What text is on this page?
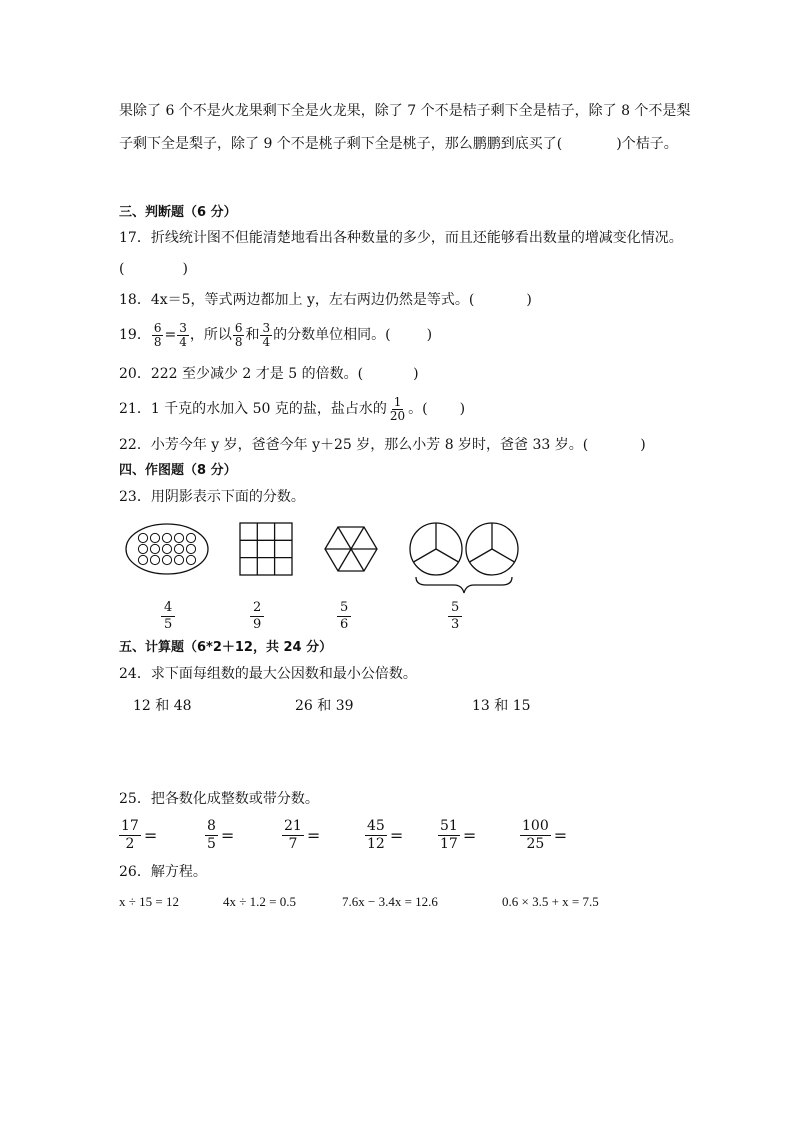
果除了 6 个不是火龙果剩下全是火龙果，除了 7 个不是桔子剩下全是桔子，除了 8 个不是梨
子剩下全是梨子，除了 9 个不是桃子剩下全是桃子，那么鹏鹏到底买了(	)个桔子。
三、判断题（6 分）
17．折线统计图不但能清楚地看出各种数量的多少，而且还能够看出数量的增减变化情况。
(	)
18．4x＝5，等式两边都加上 y，左右两边仍然是等式。(	)
19． $\frac{6}{8} = \frac{3}{4}$ ，所以 $\frac{6}{8}$ 和 $\frac{3}{4}$ 的分数单位相同。(	)
20．222 至少减少 2 才是 5 的倍数。(	)
21．1 千克的水加入 50 克的盐，盐占水的 $\frac{1}{20}$ 。( )
22．小芳今年 y 岁，爸爸今年 y＋25 岁，那么小芳 8 岁时，爸爸 33 岁。(	)
四、作图题（8 分）
23．用阴影表示下面的分数。
$\frac{4}{5}$	$\frac{2}{9}$	$\frac{5}{6}$	$\frac{5}{3}$
五、计算题（6*2＋12，共 24 分）
24．求下面每组数的最大公因数和最小公倍数。
12 和 48	26 和 39	13 和 15
25．把各数化成整数或带分数。
$\frac{17}{2}$ =	$\frac{8}{5}$ =	$\frac{21}{7}$ =	$\frac{45}{12} = \frac{51}{17}$ =	$\frac{100}{25}$ =
26．解方程。
x ÷ 15 = 12	4x ÷ 1.2 = 0.5	7.6x − 3.4x = 12.6	0.6 × 3.5 + x = 7.5
